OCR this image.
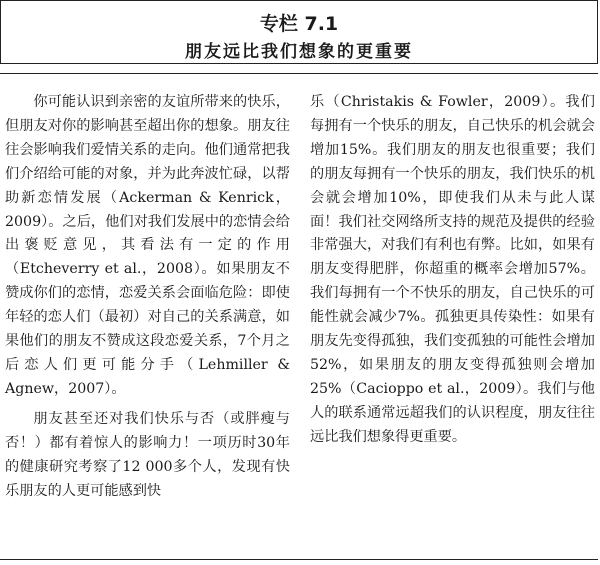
专栏 7.1
朋友远比我们想象的更重要

你可能认识到亲密的友谊所带来的快乐，但朋友对你的影响甚至超出你的想象。朋友往往会影响我们爱情关系的走向。他们通常把我们介绍给可能的对象，并为此奔波忙碌，以帮助新恋情发展（Ackerman & Kenrick，2009）。之后，他们对我们发展中的恋情会给出褒贬意见，其看法有一定的作用（Etcheverry et al.，2008）。如果朋友不赞成你们的恋情，恋爱关系会面临危险：即使年轻的恋人们（最初）对自己的关系满意，如果他们的朋友不赞成这段恋爱关系，7个月之后恋人们更可能分手（Lehmiller & Agnew，2007）。

朋友甚至还对我们快乐与否（或胖瘦与否！）都有着惊人的影响力！一项历时30年的健康研究考察了12 000多个人，发现有快乐朋友的人更可能感到快

乐（Christakis & Fowler，2009）。我们每拥有一个快乐的朋友，自己快乐的机会就会增加15%。我们朋友的朋友也很重要；我们的朋友每拥有一个快乐的朋友，我们快乐的机会就会增加10%，即使我们从未与此人谋面！我们社交网络所支持的规范及提供的经验非常强大，对我们有利也有弊。比如，如果有朋友变得肥胖，你超重的概率会增加57%。我们每拥有一个不快乐的朋友，自己快乐的可能性就会减少7%。孤独更具传染性：如果有朋友先变得孤独，我们变孤独的可能性会增加52%，如果朋友的朋友变得孤独则会增加25%（Cacioppo et al.，2009）。我们与他人的联系通常远超我们的认识程度，朋友往往远比我们想象得更重要。
